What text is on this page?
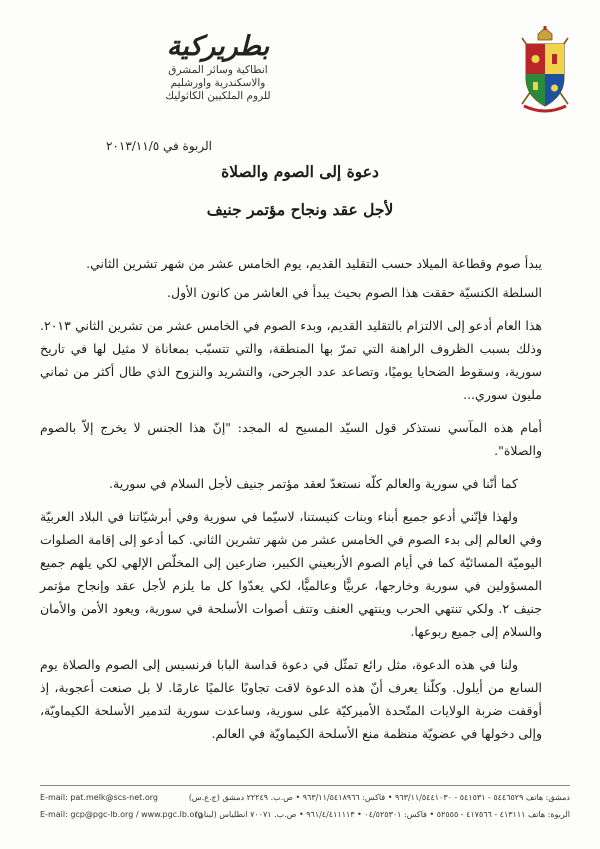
بطريركية
انطاكية وسائر المشرق
والاسكندرية واورشليم
للروم الملكيين الكاثوليك
الربوة في ٢٠١٣/١١/٥
دعوة إلى الصوم والصلاة
لأجل عقد ونجاح مؤتمر جنيف

يبدأ صوم وقطاعة الميلاد حسب التقليد القديم، يوم الخامس عشر من شهر تشرين الثاني.

السلطة الكنسيّة حققت هذا الصوم بحيث يبدأ في العاشر من كانون الأول.

هذا العام أدعو إلى الالتزام بالتقليد القديم، وبدء الصوم في الخامس عشر من تشرين الثاني ٢٠١٣. وذلك بسبب الظروف الراهنة التي تمرّ بها المنطقة، والتي تتسبّب بمعاناة لا مثيل لها في تاريخ سورية، وسقوط الضحايا يوميًا، وتصاعد عدد الجرحى، والتشريد والنزوح الذي طال أكثر من ثماني مليون سوري...

أمام هذه المآسي نستذكر قول السيّد المسيح له المجد: "إنّ هذا الجنس لا يخرج إلاّ بالصوم والصلاة".

كما أنّنا في سورية والعالم كلّه نستعدّ لعقد مؤتمر جنيف لأجل السلام في سورية.

ولهذا فإنّني أدعو جميع أبناء وبنات كنيستنا، لاسيّما في سورية وفي أبرشيّاتنا في البلاد العربيّة وفي العالم إلى بدء الصوم في الخامس عشر من شهر تشرين الثاني. كما أدعو إلى إقامة الصلوات اليوميّة المسائيّة كما في أيام الصوم الأربعيني الكبير، ضارعين إلى المخلّص الإلهي لكي يلهم جميع المسؤولين في سورية وخارجها، عربيًّا وعالميًّا، لكي يعدّوا كل ما يلزم لأجل عقد وإنجاح مؤتمر جنيف ٢. ولكي تنتهي الحرب وينتهي العنف وتتف أصوات الأسلحة في سورية، ويعود الأمن والأمان والسلام إلى جميع ربوعها.

ولنا في هذه الدعوة، مثل رائع تمثّل في دعوة قداسة البابا فرنسيس إلى الصوم والصلاة يوم السابع من أيلول. وكلّنا يعرف أنّ هذه الدعوة لاقت تجاوبًا عالميًا عارمًا. لا بل صنعت أعجوبة، إذ أوقفت ضربة الولايات المتّحدة الأميركيّة على سورية، وساعدت سورية لتدمير الأسلحة الكيماويّة، وإلى دخولها في عضويّة منظمة منع الأسلحة الكيماويّة في العالم.

E-mail: pat.melk@scs-net.org	دمشق: هاتف ٥٤٤٦٥٢٩ - ٥٤١٥٣١ - ٩٦٣/١١/٥٤٤١٠٣٠ • فاكس: ٩٦٣/١١/٥٤١٨٩٦٦ • ص.ب. ٢٢٢٤٩ دمشق (ج.ع.س)
E-mail: gcp@pgc-lb.org / www.pgc.lb.org
الربوة: هاتف ٤١٣١١١ - ٤١٧٥٦٦ - ٥٢٥٥٥ • فاكس: ٠٤/٥٢٥٣٠١ • ٩٦١/٤/٤١١١١٣ • ص.ب. ٧٠٠٧١ انطلياس (لبنان)
